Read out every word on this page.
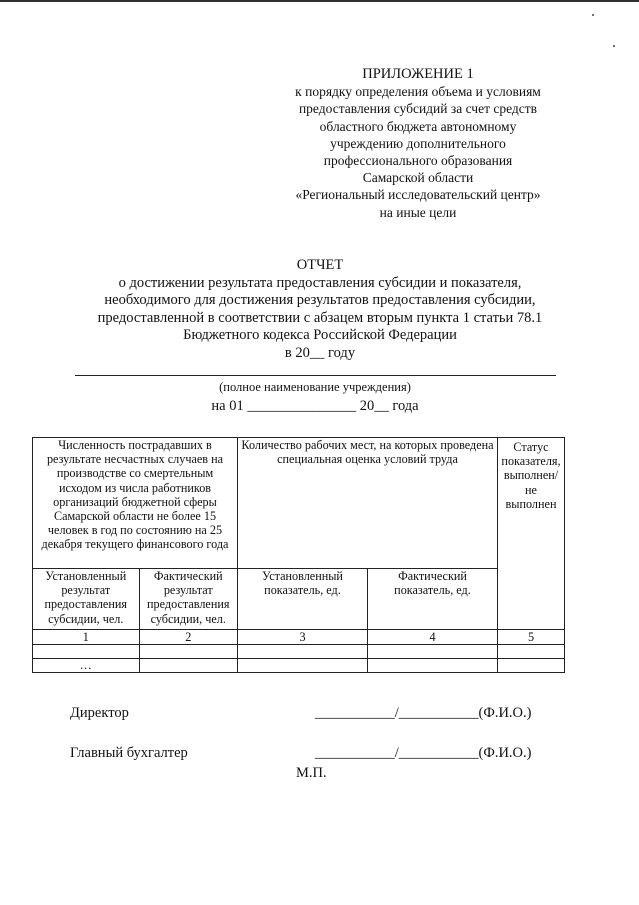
ПРИЛОЖЕНИЕ 1
к порядку определения объема и условиям
предоставления субсидий за счет средств
областного бюджета автономному
учреждению дополнительного
профессионального образования
Самарской области
«Региональный исследовательский центр»
на иные цели
ОТЧЕТ
о достижении результата предоставления субсидии и показателя,
необходимого для достижения результатов предоставления субсидии,
предоставленной в соответствии с абзацем вторым пункта 1 статьи 78.1
Бюджетного кодекса Российской Федерации
в 20__ году
(полное наименование учреждения)
на 01 _______________ 20__ года
Численность пострадавших в результате несчастных случаев на производстве со смертельным исходом из числа работников организаций бюджетной сферы Самарской области не более 15 человек в год по состоянию на 25 декабря текущего финансового года		Количество рабочих мест, на которых проведена специальная оценка условий труда		Статус показателя, выполнен/не выполнен
Установленный результат предоставления субсидии, чел.	Фактический результат предоставления субсидии, чел.	Установленный показатель, ед.	Фактический показатель, ед.	
1	2	3	4	5

…				
Директор	___________/___________(Ф.И.О.)
Главный бухгалтер	___________/___________(Ф.И.О.)
М.П.
